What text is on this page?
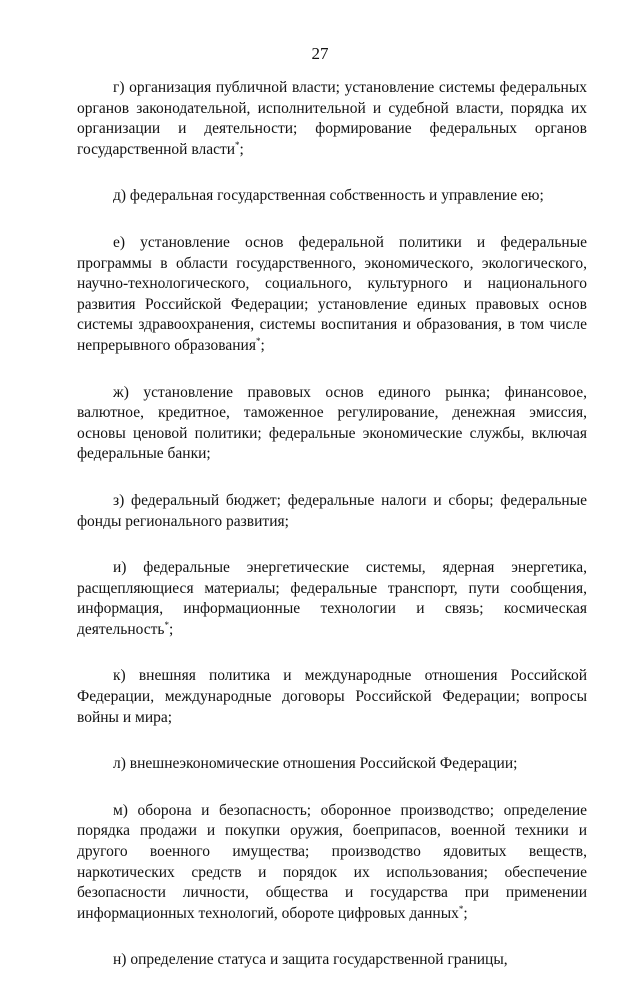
27

г) организация публичной власти; установление системы федеральных органов законодательной, исполнительной и судебной власти, порядка их организации и деятельности; формирование федеральных органов государственной власти*;

д) федеральная государственная собственность и управление ею;

е) установление основ федеральной политики и федеральные программы в области государственного, экономического, экологического, научно-технологического, социального, культурного и национального развития Российской Федерации; установление единых правовых основ системы здравоохранения, системы воспитания и образования, в том числе непрерывного образования*;

ж) установление правовых основ единого рынка; финансовое, валютное, кредитное, таможенное регулирование, денежная эмиссия, основы ценовой политики; федеральные экономические службы, включая федеральные банки;

з) федеральный бюджет; федеральные налоги и сборы; федеральные фонды регионального развития;

и) федеральные энергетические системы, ядерная энергетика, расщепляющиеся материалы; федеральные транспорт, пути сообщения, информация, информационные технологии и связь; космическая деятельность*;

к) внешняя политика и международные отношения Российской Федерации, международные договоры Российской Федерации; вопросы войны и мира;

л) внешнеэкономические отношения Российской Федерации;

м) оборона и безопасность; оборонное производство; определение порядка продажи и покупки оружия, боеприпасов, военной техники и другого военного имущества; производство ядовитых веществ, наркотических средств и порядок их использования; обеспечение безопасности личности, общества и государства при применении информационных технологий, обороте цифровых данных*;

н) определение статуса и защита государственной границы,
